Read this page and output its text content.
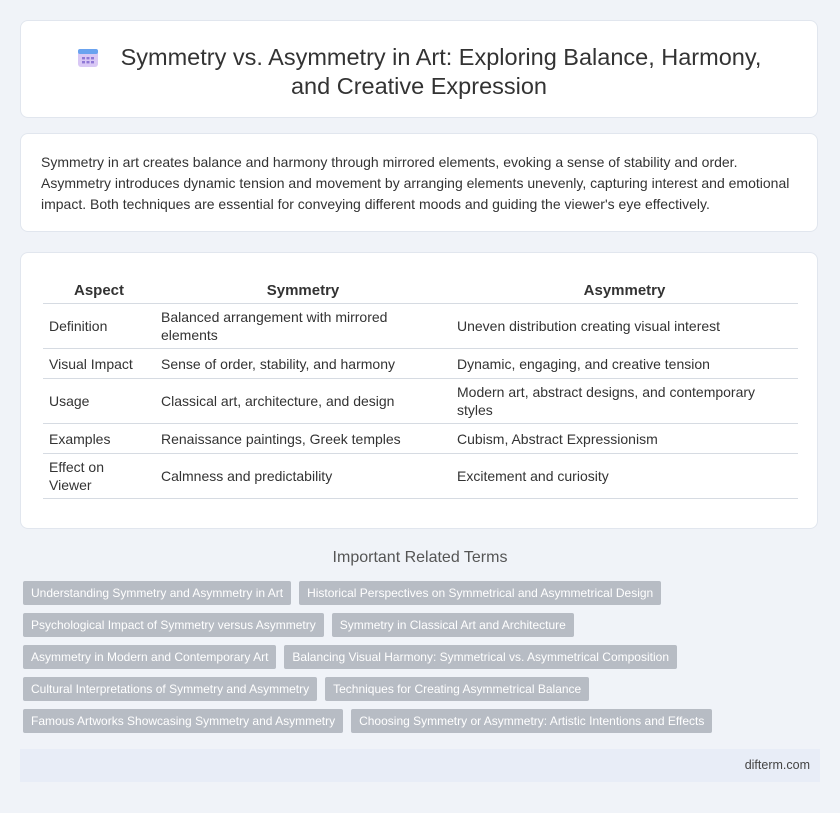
Symmetry vs. Asymmetry in Art: Exploring Balance, Harmony, and Creative Expression
Symmetry in art creates balance and harmony through mirrored elements, evoking a sense of stability and order. Asymmetry introduces dynamic tension and movement by arranging elements unevenly, capturing interest and emotional impact. Both techniques are essential for conveying different moods and guiding the viewer's eye effectively.
Aspect	Symmetry	Asymmetry
Definition	Balanced arrangement with mirrored elements	Uneven distribution creating visual interest
Visual Impact	Sense of order, stability, and harmony	Dynamic, engaging, and creative tension
Usage	Classical art, architecture, and design	Modern art, abstract designs, and contemporary styles
Examples	Renaissance paintings, Greek temples	Cubism, Abstract Expressionism
Effect on Viewer	Calmness and predictability	Excitement and curiosity
Important Related Terms
Understanding Symmetry and Asymmetry in Art	Historical Perspectives on Symmetrical and Asymmetrical Design
Psychological Impact of Symmetry versus Asymmetry	Symmetry in Classical Art and Architecture
Asymmetry in Modern and Contemporary Art	Balancing Visual Harmony: Symmetrical vs. Asymmetrical Composition
Cultural Interpretations of Symmetry and Asymmetry	Techniques for Creating Asymmetrical Balance
Famous Artworks Showcasing Symmetry and Asymmetry	Choosing Symmetry or Asymmetry: Artistic Intentions and Effects
difterm.com
